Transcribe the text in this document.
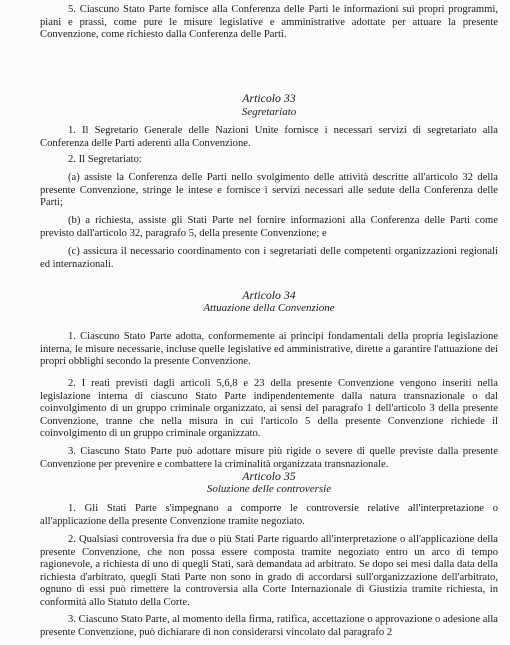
5. Ciascuno Stato Parte fornisce alla Conferenza delle Parti le informazioni sui propri programmi, piani e prassi, come pure le misure legislative e amministrative adottate per attuare la presente Convenzione, come richiesto dalla Conferenza delle Parti.

Articolo 33

Segretariato

1. Il Segretario Generale delle Nazioni Unite fornisce i necessari servizi di segretariato alla Conferenza delle Parti aderenti alla Convenzione.

2. Il Segretariato:

(a) assiste la Conferenza delle Parti nello svolgimento delle attività descritte all'articolo 32 della presente Convenzione, stringe le intese e fornisce i servizi necessari alle sedute della Conferenza delle Parti;

(b) a richiesta, assiste gli Stati Parte nel fornire informazioni alla Conferenza delle Parti come previsto dall'articolo 32, paragrafo 5, della presente Convenzione; e

(c) assicura il necessario coordinamento con i segretariati delle competenti organizzazioni regionali ed internazionali.

Articolo 34

Attuazione della Convenzione

1. Ciascuno Stato Parte adotta, conformemente ai principi fondamentali della propria legislazione interna, le misure necessarie, incluse quelle legislative ed amministrative, dirette a garantire l'attuazione dei propri obblighi secondo la presente Convenzione.

2. I reati previsti dagli articoli 5,6,8 e 23 della presente Convenzione vengono inseriti nella legislazione interna di ciascuno Stato Parte indipendentemente dalla natura transnazionale o dal coinvolgimento di un gruppo criminale organizzato, ai sensi del paragrafo 1 dell'articolo 3 della presente Convenzione, tranne che nella misura in cui l'articolo 5 della presente Convenzione richiede il coinvolgimento di un gruppo criminale organizzato.

3. Ciascuno Stato Parte può adottare misure più rigide o severe di quelle previste dalla presente Convenzione per prevenire e combattere la criminalità organizzata transnazionale.

Articolo 35

Soluzione delle controversie

1. Gli Stati Parte s'impegnano a comporre le controversie relative all'interpretazione o all'applicazione della presente Convenzione tramite negoziato.

2. Qualsiasi controversia fra due o più Stati Parte riguardo all'interpretazione o all'applicazione della presente Convenzione, che non possa essere composta tramite negoziato entro un arco di tempo ragionevole, a richiesta di uno di quegli Stati, sarà demandata ad arbitrato. Se dopo sei mesi dalla data della richiesta d'arbitrato, quegli Stati Parte non sono in grado di accordarsi sull'organizzazione dell'arbitrato, ognuno di essi può rimettere la controversia alla Corte Internazionale di Giustizia tramite richiesta, in conformità allo Statuto della Corte.

3. Ciascuno Stato Parte, al momento della firma, ratifica, accettazione o approvazione o adesione alla presente Convenzione, può dichiarare di non considerarsi vincolato dal paragrafo 2
